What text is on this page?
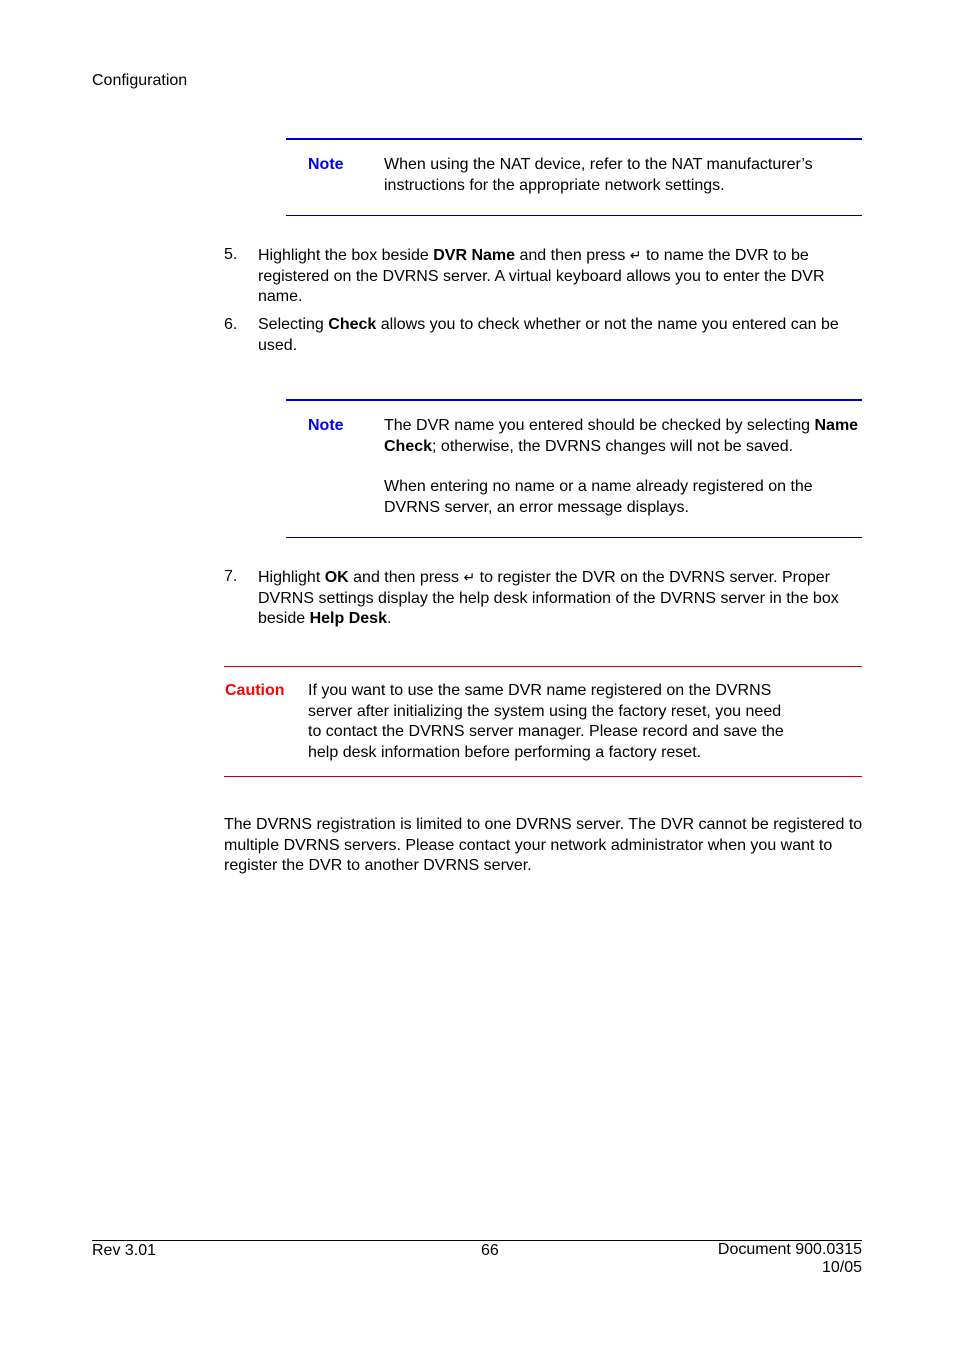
Configuration
Note	When using the NAT device, refer to the NAT manufacturer’s instructions for the appropriate network settings.
5. Highlight the box beside DVR Name and then press ↵ to name the DVR to be registered on the DVRNS server. A virtual keyboard allows you to enter the DVR name.
6. Selecting Check allows you to check whether or not the name you entered can be used.
Note	The DVR name you entered should be checked by selecting Name Check; otherwise, the DVRNS changes will not be saved.

When entering no name or a name already registered on the DVRNS server, an error message displays.

7. Highlight OK and then press ↵ to register the DVR on the DVRNS server. Proper DVRNS settings display the help desk information of the DVRNS server in the box beside Help Desk.
Caution If you want to use the same DVR name registered on the DVRNS server after initializing the system using the factory reset, you need to contact the DVRNS server manager. Please record and save the help desk information before performing a factory reset.
The DVRNS registration is limited to one DVRNS server. The DVR cannot be registered to multiple DVRNS servers. Please contact your network administrator when you want to register the DVR to another DVRNS server.
Rev 3.01	66	Document 900.0315
10/05
